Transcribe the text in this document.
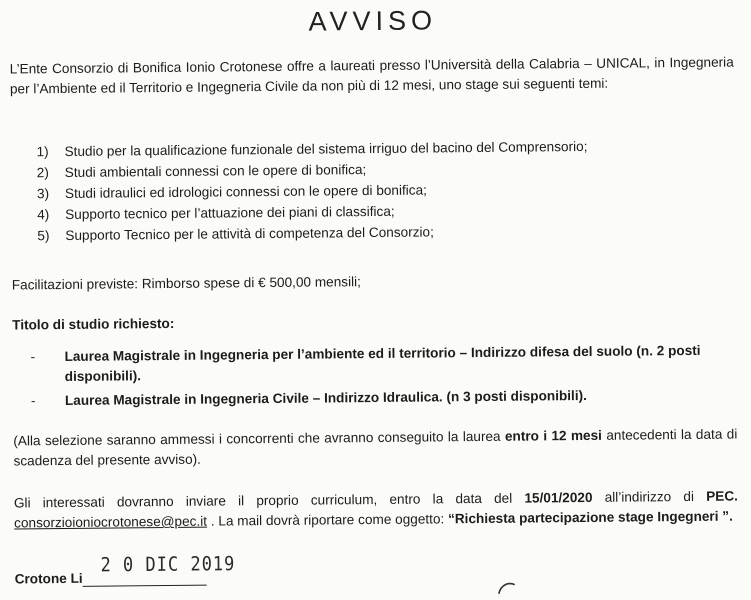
AVVISO
L’Ente Consorzio di Bonifica Ionio Crotonese offre a laureati presso l’Università della Calabria – UNICAL, in Ingegneria per l’Ambiente ed il Territorio e Ingegneria Civile da non più di 12 mesi, uno stage sui seguenti temi:
1)	Studio per la qualificazione funzionale del sistema irriguo del bacino del Comprensorio;
2)	Studi ambientali connessi con le opere di bonifica;
3)	Studi idraulici ed idrologici connessi con le opere di bonifica;
4)	Supporto tecnico per l’attuazione dei piani di classifica;
5)	Supporto Tecnico per le attività di competenza del Consorzio;
Facilitazioni previste: Rimborso spese di € 500,00 mensili;
Titolo di studio richiesto:
-	Laurea Magistrale in Ingegneria per l’ambiente ed il territorio – Indirizzo difesa del suolo (n. 2 posti disponibili).
-	Laurea Magistrale in Ingegneria Civile – Indirizzo Idraulica. (n 3 posti disponibili).
(Alla selezione saranno ammessi i concorrenti che avranno conseguito la laurea entro i 12 mesi antecedenti la data di scadenza del presente avviso).
Gli interessati dovranno inviare il proprio curriculum, entro la data del 15/01/2020 all’indirizzo di PEC. consorzioioniocrotonese@pec.it . La mail dovrà riportare come oggetto: “Richiesta partecipazione stage Ingegneri ”.
2 0 DIC 2019
Crotone Li
